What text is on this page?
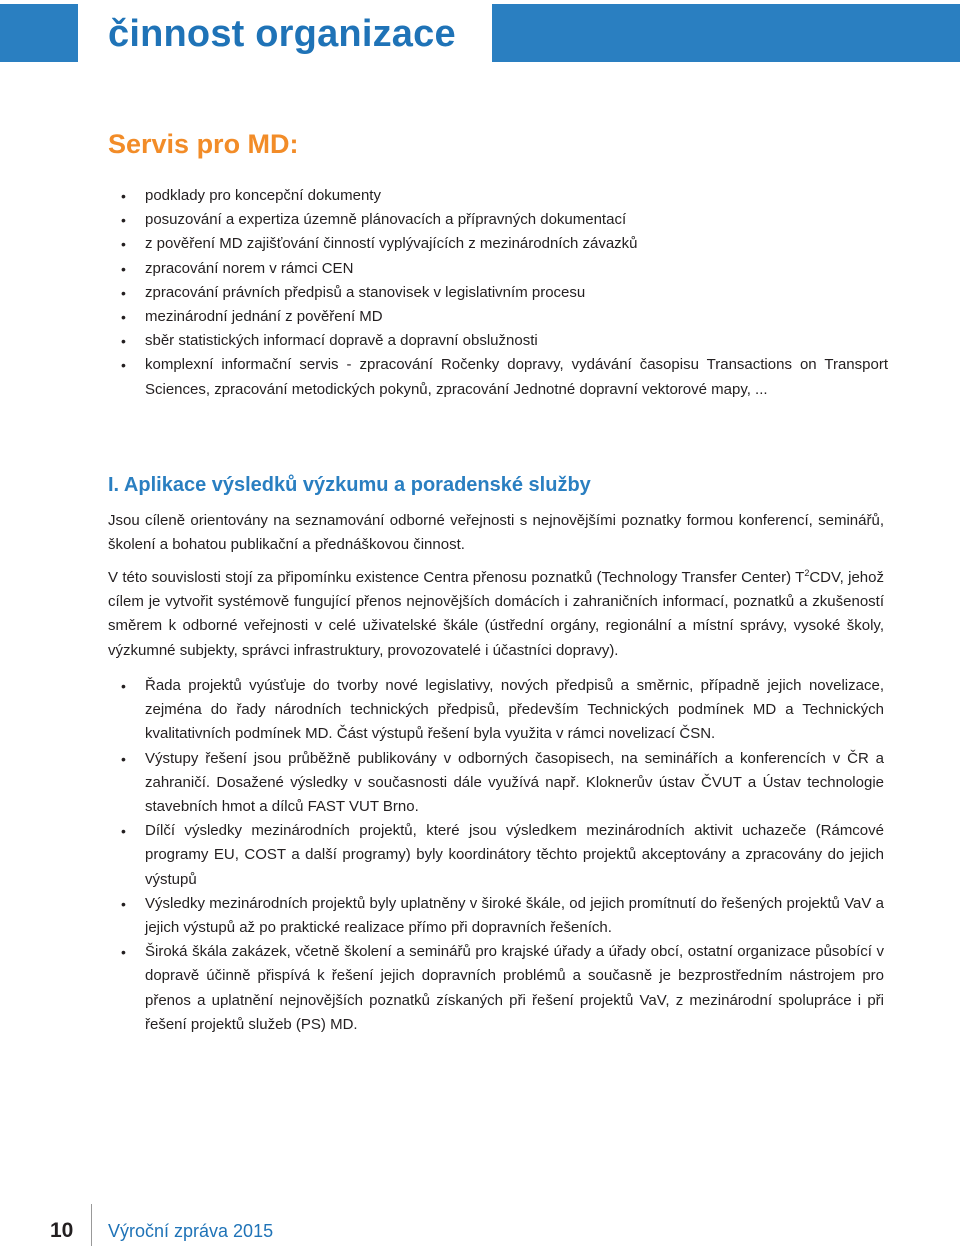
činnost organizace
Servis pro MD:
• podklady pro koncepční dokumenty
• posuzování a expertiza územně plánovacích a přípravných dokumentací
• z pověření MD zajišťování činností vyplývajících z mezinárodních závazků
• zpracování norem v rámci CEN
• zpracování právních předpisů a stanovisek v legislativním procesu
• mezinárodní jednání z pověření MD
• sběr statistických informací dopravě a dopravní obslužnosti
• komplexní informační servis - zpracování Ročenky dopravy, vydávání časopisu Transactions on Transport Sciences, zpracování metodických pokynů, zpracování Jednotné dopravní vektorové mapy, ...
I. Aplikace výsledků výzkumu a poradenské služby

Jsou cíleně orientovány na seznamování odborné veřejnosti s nejnovějšími poznatky formou konferencí, seminářů, školení a bohatou publikační a přednáškovou činnost.

V této souvislosti stojí za připomínku existence Centra přenosu poznatků (Technology Transfer Center) $T^2CDV$, jehož cílem je vytvořit systémově fungující přenos nejnovějších domácích i zahraničních informací, poznatků a zkušeností směrem k odborné veřejnosti v celé uživatelské škále (ústřední orgány, regionální a místní správy, vysoké školy, výzkumné subjekty, správci infrastruktury, provozovatelé i účastníci dopravy).

• Řada projektů vyúsťuje do tvorby nové legislativy, nových předpisů a směrnic, případně jejich novelizace, zejména do řady národních technických předpisů, především Technických podmínek MD a Technických kvalitativních podmínek MD. Část výstupů řešení byla využita v rámci novelizací ČSN.
• Výstupy řešení jsou průběžně publikovány v odborných časopisech, na seminářích a konferencích v ČR a zahraničí. Dosažené výsledky v současnosti dále využívá např. Kloknerův ústav ČVUT a Ústav technologie stavebních hmot a dílců FAST VUT Brno.
• Dílčí výsledky mezinárodních projektů, které jsou výsledkem mezinárodních aktivit uchazeče (Rámcové programy EU, COST a další programy) byly koordinátory těchto projektů akceptovány a zpracovány do jejich výstupů
• Výsledky mezinárodních projektů byly uplatněny v široké škále, od jejich promítnutí do řešených projektů VaV a jejich výstupů až po praktické realizace přímo při dopravních řešeních.
• Široká škála zakázek, včetně školení a seminářů pro krajské úřady a úřady obcí, ostatní organizace působící v dopravě účinně přispívá k řešení jejich dopravních problémů a současně je bezprostředním nástrojem pro přenos a uplatnění nejnovějších poznatků získaných při řešení projektů VaV, z mezinárodní spolupráce i při řešení projektů služeb (PS) MD.
10 Výroční zpráva 2015
